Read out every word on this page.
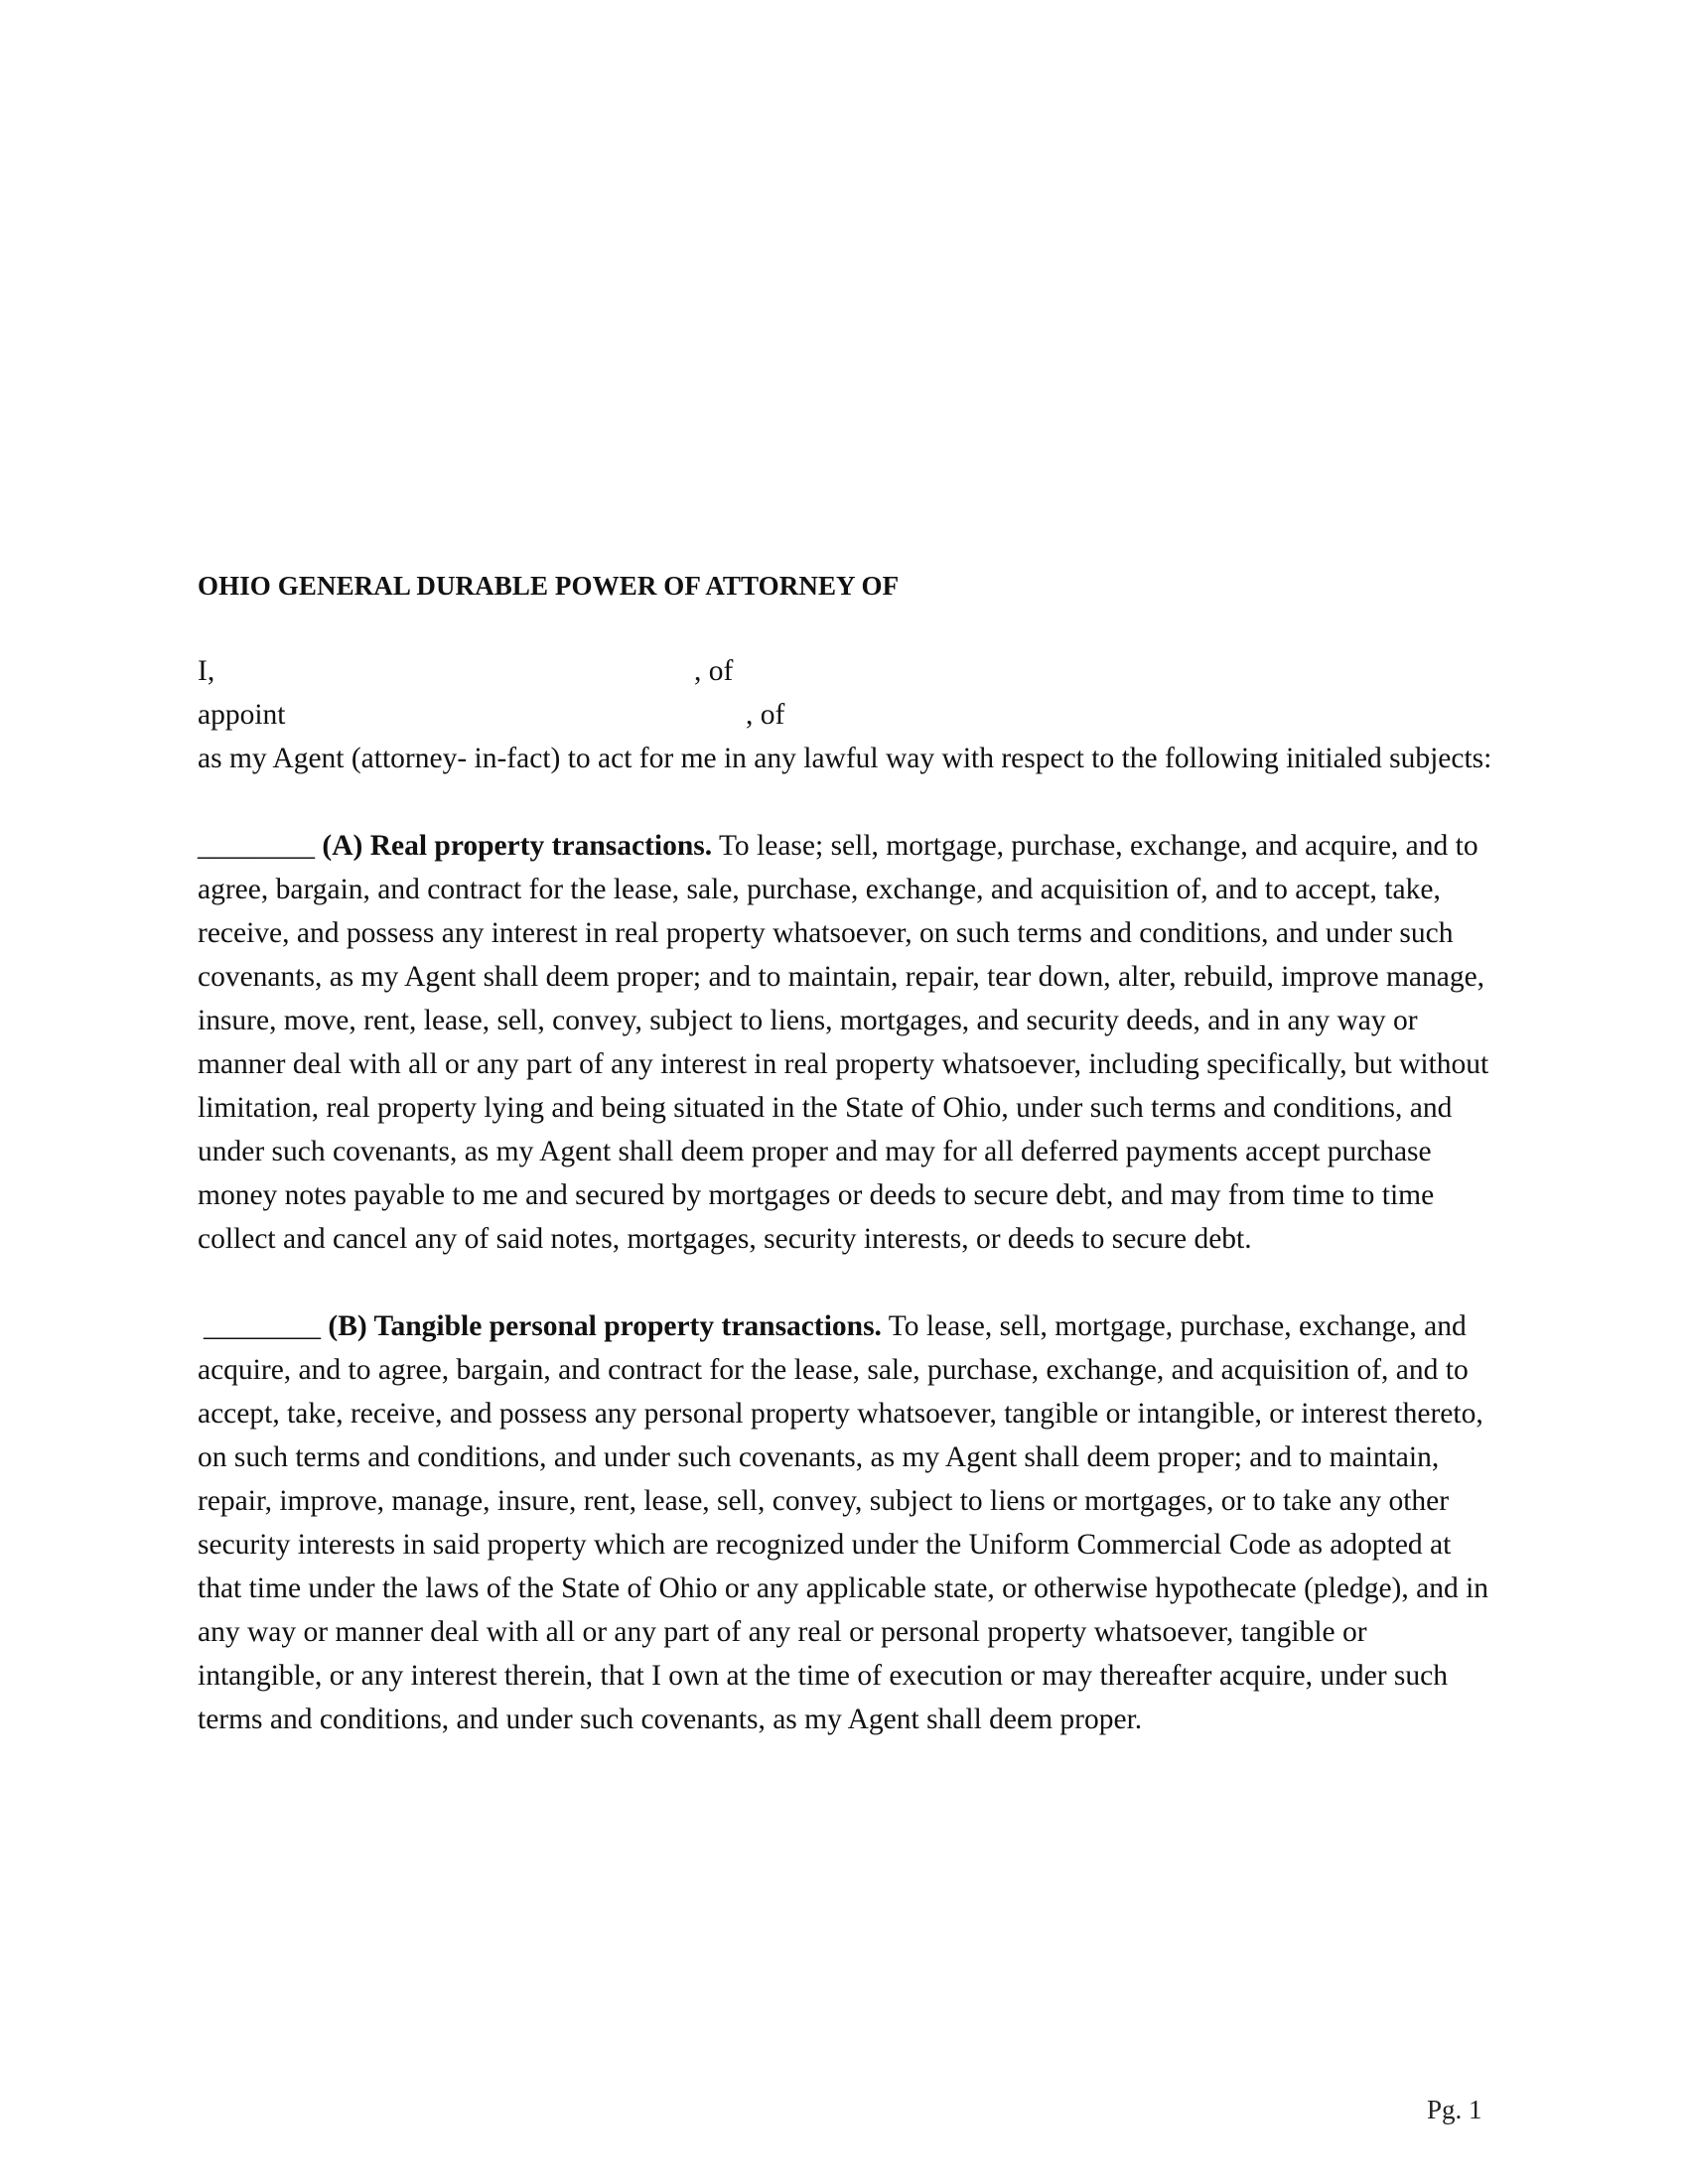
OHIO GENERAL DURABLE POWER OF ATTORNEY OF
I,	, of
appoint	, of

as my Agent (attorney- in-fact) to act for me in any lawful way with respect to the following initialed subjects:

________ (A) Real property transactions. To lease; sell, mortgage, purchase, exchange, and acquire, and to agree, bargain, and contract for the lease, sale, purchase, exchange, and acquisition of, and to accept, take, receive, and possess any interest in real property whatsoever, on such terms and conditions, and under such covenants, as my Agent shall deem proper; and to maintain, repair, tear down, alter, rebuild, improve manage, insure, move, rent, lease, sell, convey, subject to liens, mortgages, and security deeds, and in any way or manner deal with all or any part of any interest in real property whatsoever, including specifically, but without limitation, real property lying and being situated in the State of Ohio, under such terms and conditions, and under such covenants, as my Agent shall deem proper and may for all deferred payments accept purchase money notes payable to me and secured by mortgages or deeds to secure debt, and may from time to time collect and cancel any of said notes, mortgages, security interests, or deeds to secure debt.

________ (B) Tangible personal property transactions. To lease, sell, mortgage, purchase, exchange, and acquire, and to agree, bargain, and contract for the lease, sale, purchase, exchange, and acquisition of, and to accept, take, receive, and possess any personal property whatsoever, tangible or intangible, or interest thereto, on such terms and conditions, and under such covenants, as my Agent shall deem proper; and to maintain, repair, improve, manage, insure, rent, lease, sell, convey, subject to liens or mortgages, or to take any other security interests in said property which are recognized under the Uniform Commercial Code as adopted at that time under the laws of the State of Ohio or any applicable state, or otherwise hypothecate (pledge), and in any way or manner deal with all or any part of any real or personal property whatsoever, tangible or intangible, or any interest therein, that I own at the time of execution or may thereafter acquire, under such terms and conditions, and under such covenants, as my Agent shall deem proper.

Pg. 1
